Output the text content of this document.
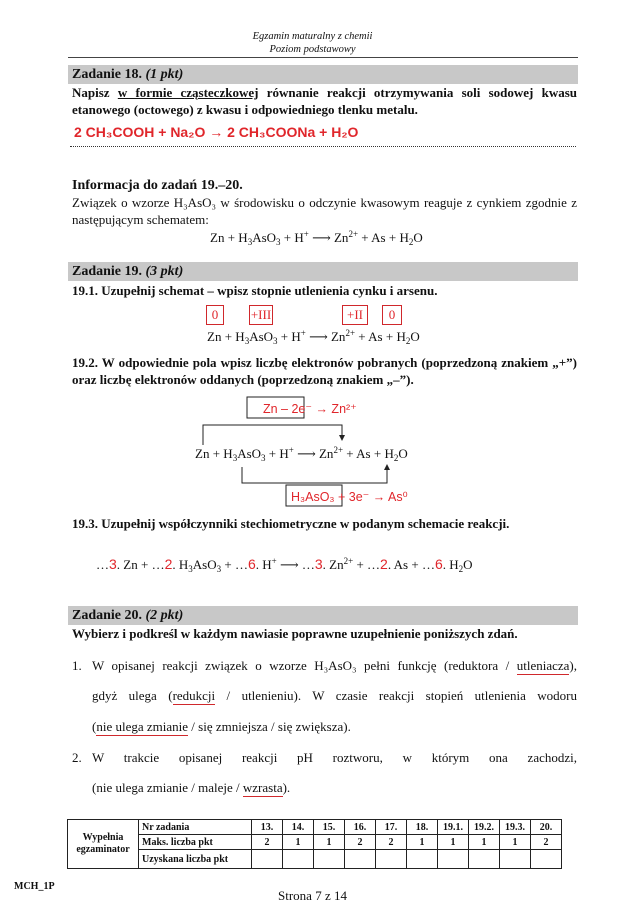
Egzamin maturalny z chemii
Poziom podstawowy
Zadanie 18. (1 pkt)
Napisz w formie cząsteczkowej równanie reakcji otrzymywania soli sodowej kwasu etanowego (octowego) z kwasu i odpowiedniego tlenku metalu.
2 CH₃COOH + Na₂O → 2 CH₃COONa + H₂O
Informacja do zadań 19.–20.
Związek o wzorze H₃AsO₃ w środowisku o odczynie kwasowym reaguje z cynkiem zgodnie z następującym schematem:
$Zn + H_3AsO_3 + H^+$ ⟶ $Zn^{2+} + As + H_2O$
Zadanie 19. (3 pkt)
19.1. Uzupełnij schemat – wpisz stopnie utlenienia cynku i arsenu.
0	+III	+II	0
$Zn + H_3AsO_3 + H^+$ ⟶ $Zn^{2+} + As + H_2O$
19.2. W odpowiednie pola wpisz liczbę elektronów pobranych (poprzedzoną znakiem „+”) oraz liczbę elektronów oddanych (poprzedzoną znakiem „–”).
Zn – 2e⁻ → Zn²⁺
$Zn + H_3AsO_3 + H^+$ ⟶ $Zn^{2+} + As + H_2O$
H₃AsO₃ + 3e⁻ → As⁰
19.3. Uzupełnij współczynniki stechiometryczne w podanym schemacie reakcji.
…3. Zn + …2. $H_3AsO_3$ + …6. H+ ⟶ …3. $Zn^{2+}$ + …2. As + …6. $H_2O$
Zadanie 20. (2 pkt)
Wybierz i podkreśl w każdym nawiasie poprawne uzupełnienie poniższych zdań.
1. W opisanej reakcji związek o wzorze H₃AsO₃ pełni funkcję (reduktora / utleniacza),
gdyż ulega (redukcji / utlenieniu). W czasie reakcji stopień utlenienia wodoru
(nie ulega zmianie / się zmniejsza / się zwiększa).
2. W trakcie opisanej reakcji pH roztworu, w którym ona zachodzi,
(nie ulega zmianie / maleje / wzrasta).
Wypełnia egzaminator	Nr zadania	13.	14.	15.	16.	17.	18.	19.1.	19.2.	19.3.	20.
	Maks. liczba pkt	2	1	1	2	2	1	1	1	1	2
	Uzyskana liczba pkt										
MCH_1P
Strona 7 z 14
